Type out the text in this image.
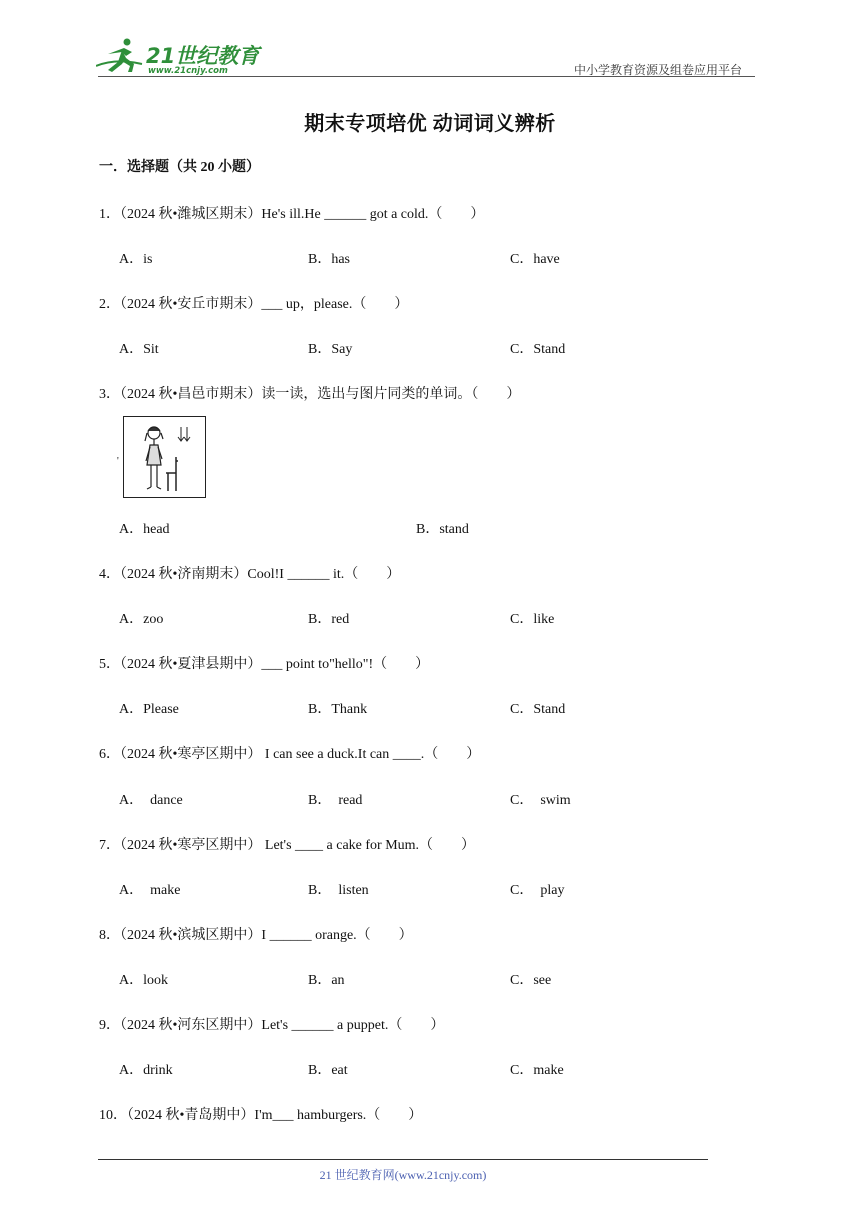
21世纪教育
www.21cnjy.com	中小学教育资源及组卷应用平台
期末专项培优 动词词义辨析
一．选择题（共 20 小题）
1．（2024 秋•潍城区期末）He's ill.He ______ got a cold.（　　）
A．is	B．has	C．have
2．（2024 秋•安丘市期末）___ up，please.（　　）
A．Sit	B．Say	C．Stand
3．（2024 秋•昌邑市期末）读一读，选出与图片同类的单词。（　　）
'
A．head	B．stand
4．（2024 秋•济南期末）Cool!I ______ it.（　　）
A．zoo	B．red	C．like
5．（2024 秋•夏津县期中）___ point to"hello"!（　　）
A．Please	B．Thank	C．Stand
6．（2024 秋•寒亭区期中） I can see a duck.It can ____.（　　）
A．  dance	B．  read	C．  swim
7．（2024 秋•寒亭区期中） Let's ____ a cake for Mum.（　　）
A．  make	B．  listen	C．  play
8．（2024 秋•滨城区期中）I ______ orange.（　　）
A．look	B．an	C．see
9．（2024 秋•河东区期中）Let's ______ a puppet.（　　）
A．drink	B．eat	C．make
10．（2024 秋•青岛期中）I'm___ hamburgers.（　　）
21 世纪教育网(www.21cnjy.com)
